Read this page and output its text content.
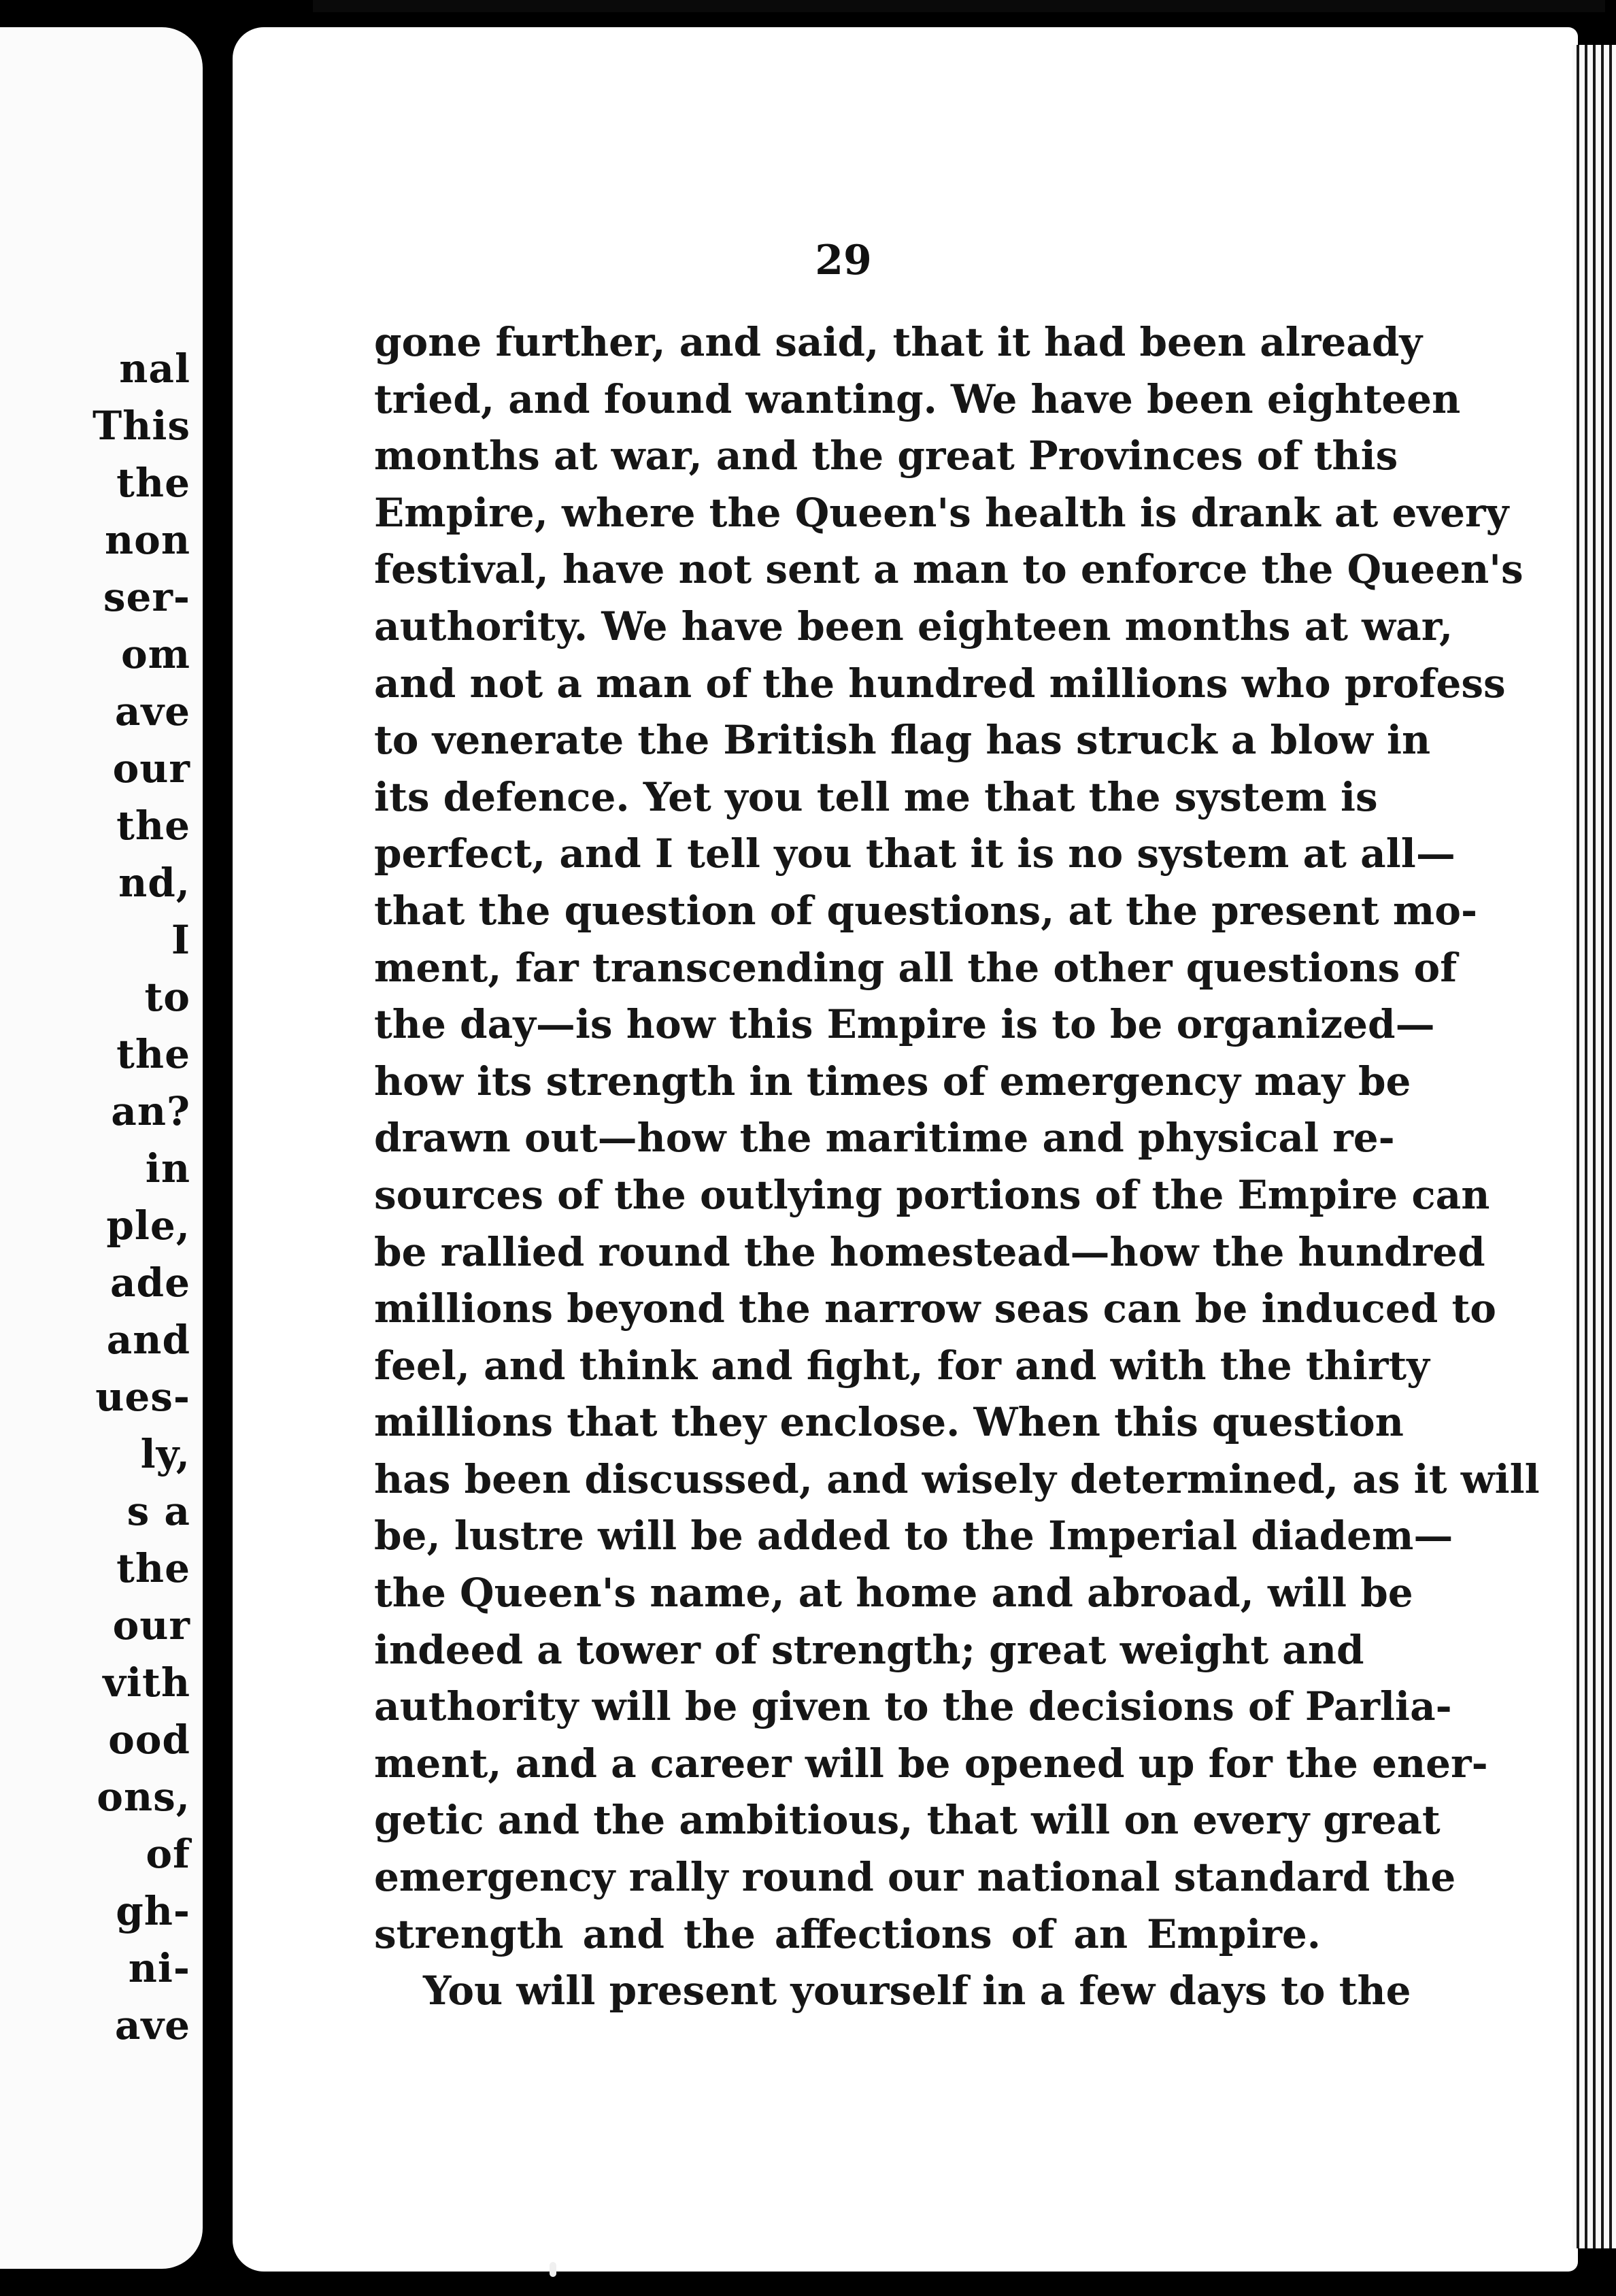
nal
This
the
non
ser-
om
ave
our
the
nd,
I
to
the
an?
in
ple,
ade
and
ues-
ly,
s a
the
our
vith
ood
ons,
of
gh-
ni-
ave
29
gone further, and said, that it had been already
tried, and found wanting. We have been eighteen
months at war, and the great Provinces of this
Empire, where the Queen's health is drank at every
festival, have not sent a man to enforce the Queen's
authority. We have been eighteen months at war,
and not a man of the hundred millions who profess
to venerate the British flag has struck a blow in
its defence. Yet you tell me that the system is
perfect, and I tell you that it is no system at all—
that the question of questions, at the present mo-
ment, far transcending all the other questions of
the day—is how this Empire is to be organized—
how its strength in times of emergency may be
drawn out—how the maritime and physical re-
sources of the outlying portions of the Empire can
be rallied round the homestead—how the hundred
millions beyond the narrow seas can be induced to
feel, and think and fight, for and with the thirty
millions that they enclose. When this question
has been discussed, and wisely determined, as it will
be, lustre will be added to the Imperial diadem—
the Queen's name, at home and abroad, will be
indeed a tower of strength; great weight and
authority will be given to the decisions of Parlia-
ment, and a career will be opened up for the ener-
getic and the ambitious, that will on every great
emergency rally round our national standard the
strength and the affections of an Empire.
You will present yourself in a few days to the
